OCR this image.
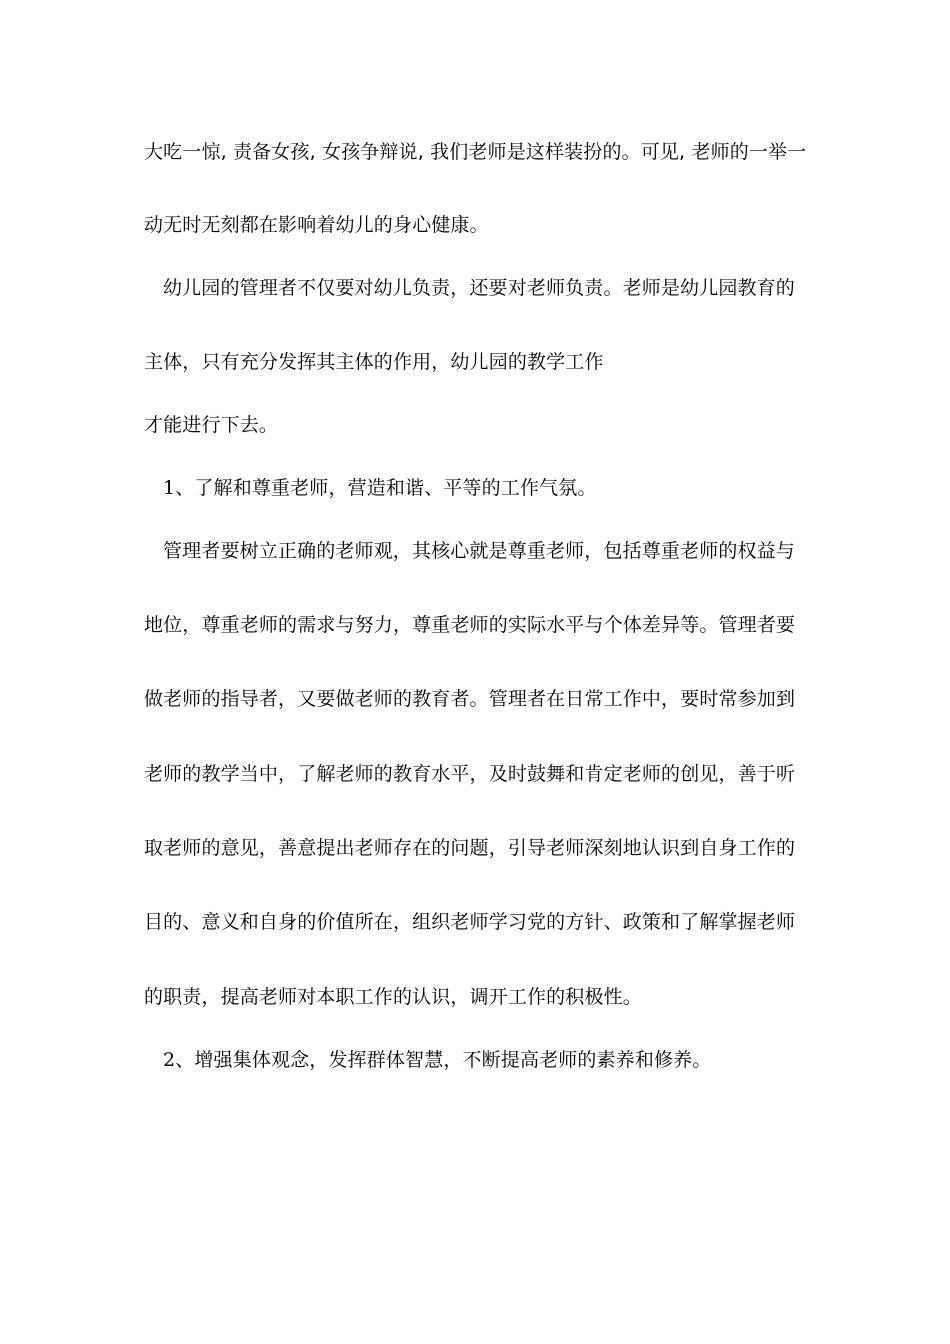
大吃一惊, 责备女孩, 女孩争辩说, 我们老师是这样装扮的。可见, 老师的一举一
动无时无刻都在影响着幼儿的身心健康。
幼儿园的管理者不仅要对幼儿负责，还要对老师负责。老师是幼儿园教育的
主体，只有充分发挥其主体的作用，幼儿园的教学工作
才能进行下去。
1、了解和尊重老师，营造和谐、平等的工作气氛。
管理者要树立正确的老师观，其核心就是尊重老师，包括尊重老师的权益与
地位，尊重老师的需求与努力，尊重老师的实际水平与个体差异等。管理者要
做老师的指导者，又要做老师的教育者。管理者在日常工作中，要时常参加到
老师的教学当中，了解老师的教育水平，及时鼓舞和肯定老师的创见，善于听
取老师的意见，善意提出老师存在的问题，引导老师深刻地认识到自身工作的
目的、意义和自身的价值所在，组织老师学习党的方针、政策和了解掌握老师
的职责，提高老师对本职工作的认识，调开工作的积极性。
2、增强集体观念，发挥群体智慧，不断提高老师的素养和修养。
